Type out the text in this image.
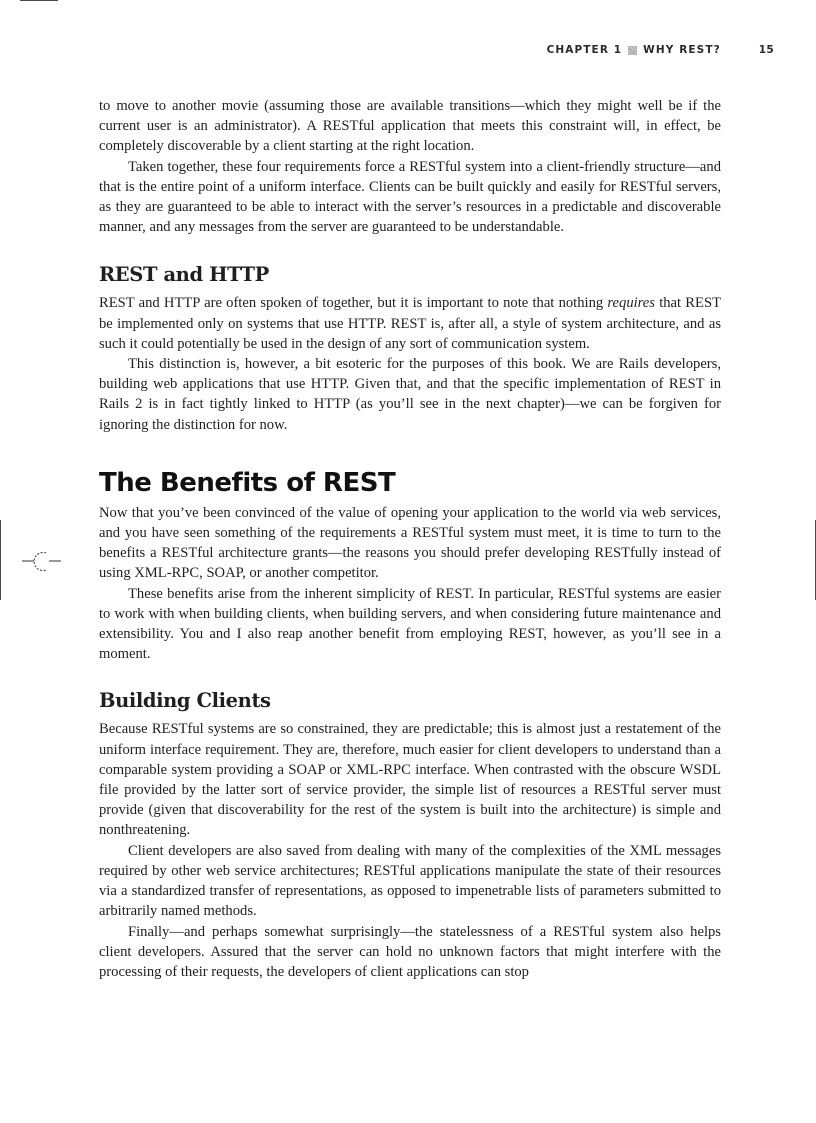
CHAPTER 1 WHY REST?	15

to move to another movie (assuming those are available transitions—which they might well be if the current user is an administrator). A RESTful application that meets this constraint will, in effect, be completely discoverable by a client starting at the right location.

Taken together, these four requirements force a RESTful system into a client-friendly structure—and that is the entire point of a uniform interface. Clients can be built quickly and easily for RESTful servers, as they are guaranteed to be able to interact with the server’s resources in a predictable and discoverable manner, and any messages from the server are guaranteed to be understandable.

REST and HTTP

REST and HTTP are often spoken of together, but it is important to note that nothing requires that REST be implemented only on systems that use HTTP. REST is, after all, a style of system architecture, and as such it could potentially be used in the design of any sort of communication system.

This distinction is, however, a bit esoteric for the purposes of this book. We are Rails developers, building web applications that use HTTP. Given that, and that the specific implementation of REST in Rails 2 is in fact tightly linked to HTTP (as you’ll see in the next chapter)—we can be forgiven for ignoring the distinction for now.

The Benefits of REST

Now that you’ve been convinced of the value of opening your application to the world via web services, and you have seen something of the requirements a RESTful system must meet, it is time to turn to the benefits a RESTful architecture grants—the reasons you should prefer developing RESTfully instead of using XML-RPC, SOAP, or another competitor.

These benefits arise from the inherent simplicity of REST. In particular, RESTful systems are easier to work with when building clients, when building servers, and when considering future maintenance and extensibility. You and I also reap another benefit from employing REST, however, as you’ll see in a moment.

Building Clients

Because RESTful systems are so constrained, they are predictable; this is almost just a restatement of the uniform interface requirement. They are, therefore, much easier for client developers to understand than a comparable system providing a SOAP or XML-RPC interface. When contrasted with the obscure WSDL file provided by the latter sort of service provider, the simple list of resources a RESTful server must provide (given that discoverability for the rest of the system is built into the architecture) is simple and nonthreatening.

Client developers are also saved from dealing with many of the complexities of the XML messages required by other web service architectures; RESTful applications manipulate the state of their resources via a standardized transfer of representations, as opposed to impenetrable lists of parameters submitted to arbitrarily named methods.

Finally—and perhaps somewhat surprisingly—the statelessness of a RESTful system also helps client developers. Assured that the server can hold no unknown factors that might interfere with the processing of their requests, the developers of client applications can stop
